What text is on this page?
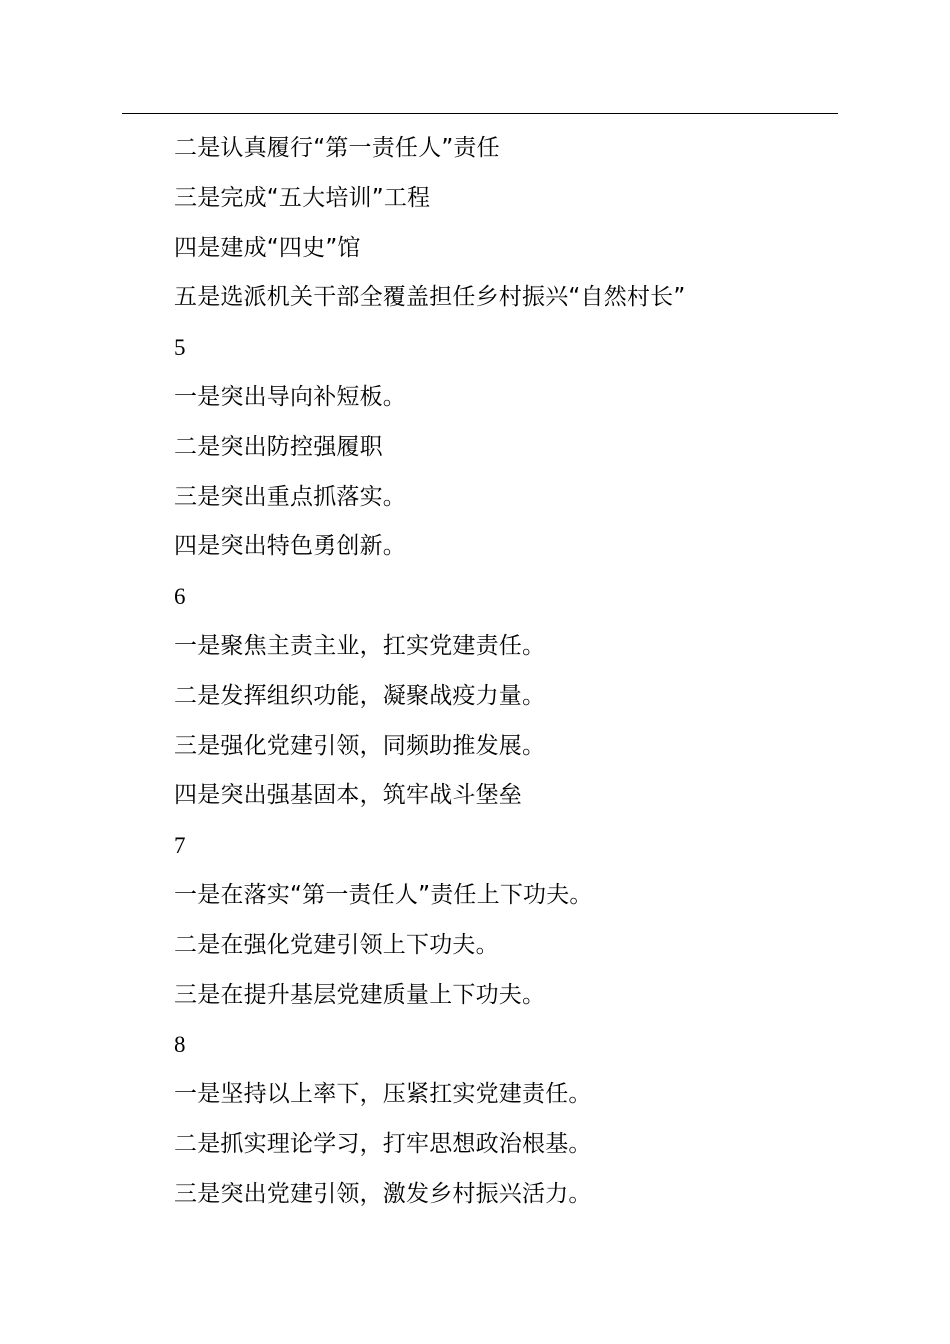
二是认真履行“第一责任人”责任
三是完成“五大培训”工程
四是建成“四史”馆
五是选派机关干部全覆盖担任乡村振兴“自然村长”
5
一是突出导向补短板。
二是突出防控强履职
三是突出重点抓落实。
四是突出特色勇创新。
6
一是聚焦主责主业，扛实党建责任。
二是发挥组织功能，凝聚战疫力量。
三是强化党建引领，同频助推发展。
四是突出强基固本，筑牢战斗堡垒
7
一是在落实“第一责任人”责任上下功夫。
二是在强化党建引领上下功夫。
三是在提升基层党建质量上下功夫。
8
一是坚持以上率下，压紧扛实党建责任。
二是抓实理论学习，打牢思想政治根基。
三是突出党建引领，激发乡村振兴活力。
